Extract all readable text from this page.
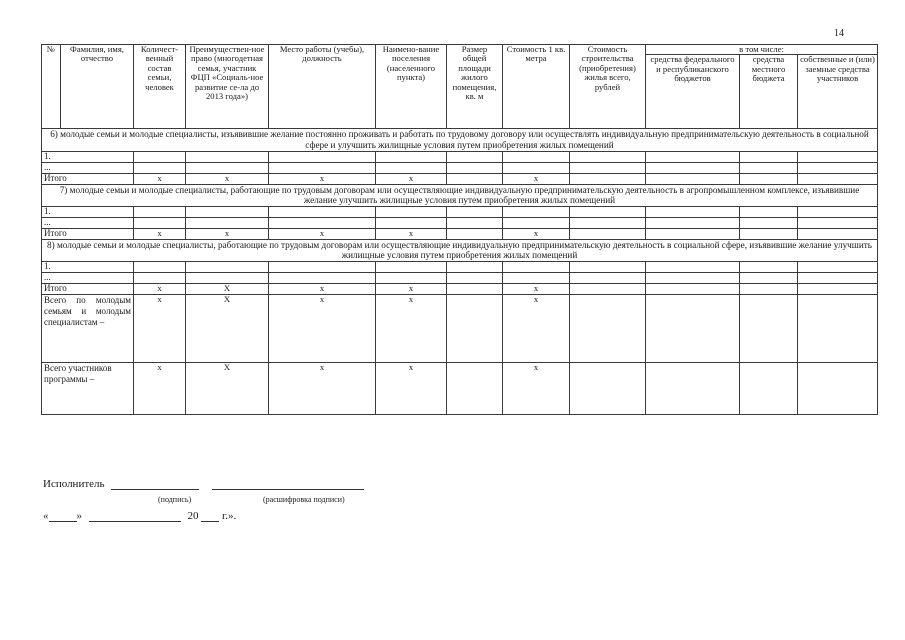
14
№	Фамилия, имя, отчество	Количест-венный состав семьи, человек	Преимуществен-ное право (многодетная семья, участник ФЦП «Социаль-ное развитие се-ла до 2013 года»)	Место работы (учебы), должность	Наимено-вание поселения (населенного пункта)	Размер общей площади жилого помещения, кв. м	Стоимость 1 кв. метра	Стоимость строительства (приобретения) жилья всего, рублей	в том числе:		
									средства федерального и республиканского бюджетов	средства местного бюджета	собственные и (или) заемные средства участников
6) молодые семьи и молодые специалисты, изъявившие желание постоянно проживать и работать по трудовому договору или осуществлять индивидуальную предпринимательскую деятельность в социальной сфере и улучшить жилищные условия путем приобретения жилых помещений											
1.											
...											
Итого		x	x	x	x		x				
7) молодые семьи и молодые специалисты, работающие по трудовым договорам или осуществляющие индивидуальную предпринимательскую деятельность в агропромышленном комплексе, изъявившие желание улучшить жилищные условия путем приобретения жилых помещений											
1.											
...											
Итого		x	x	x	x		x				
8) молодые семьи и молодые специалисты, работающие по трудовым договорам или осуществляющие индивидуальную предпринимательскую деятельность в социальной сфере, изъявившие желание улучшить жилищные условия путем приобретения жилых помещений											
1.											
...											
Итого		x	X	x	x		x				
Всего по молодым семьям и молодым специалистам –		x	X	x	x		x				
Всего участников программы –		x	X	x	x		x				
Исполнитель
(подпись)	(расшифровка подписи)
«	»	20 г.».
